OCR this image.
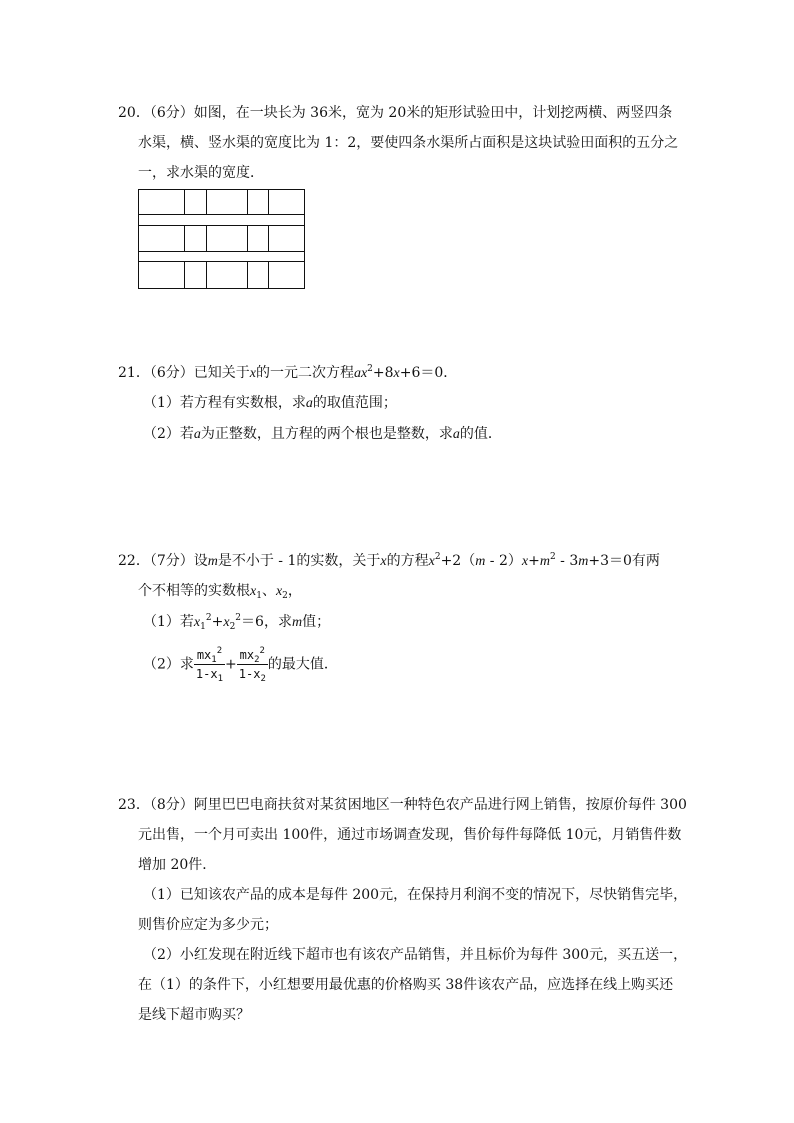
20．（6分）如图，在一块长为 36米，宽为 20米的矩形试验田中，计划挖两横、两竖四条
水渠，横、竖水渠的宽度比为 1：2，要使四条水渠所占面积是这块试验田面积的五分之
一，求水渠的宽度．
21．（6分）已知关于x的一元二次方程$ax^2+8x+6=0$．
（1）若方程有实数根，求a的取值范围；
（2）若a为正整数，且方程的两个根也是整数，求a的值．
22．（7分）设m是不小于 - 1的实数，关于x的方程$x^2+2(m - 2)x+m^2 - 3m+3=0$有两
个不相等的实数根$x_1$、$x_2$，
（1）若$x_1^2+x_2^2=6$，求m值；
（2）求 $\frac{mx_1^2}{1-x_1} + \frac{mx_2^2}{1-x_2}$ 的最大值．
23．（8分）阿里巴巴电商扶贫对某贫困地区一种特色农产品进行网上销售，按原价每件 300
元出售，一个月可卖出 100件，通过市场调查发现，售价每件每降低 10元，月销售件数
增加 20件．
（1）已知该农产品的成本是每件 200元，在保持月利润不变的情况下，尽快销售完毕，
则售价应定为多少元；
（2）小红发现在附近线下超市也有该农产品销售，并且标价为每件 300元，买五送一，
在（1）的条件下，小红想要用最优惠的价格购买 38件该农产品，应选择在线上购买还
是线下超市购买？
